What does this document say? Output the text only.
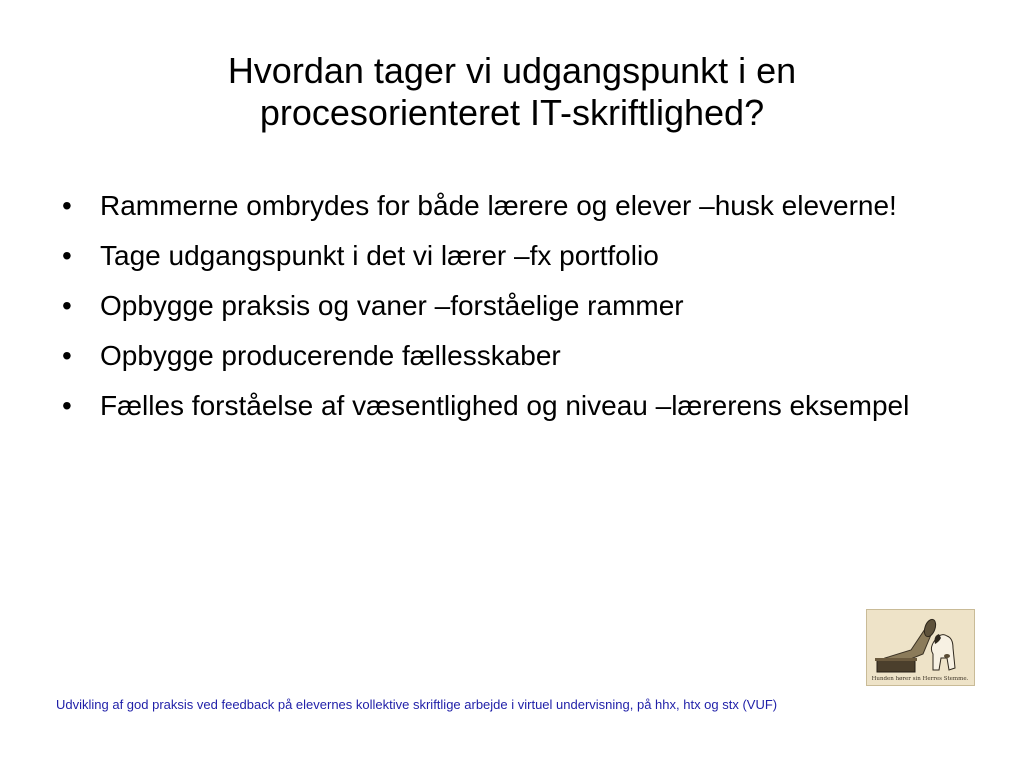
Hvordan tager vi udgangspunkt i en
procesorienteret IT-skriftlighed?
•	Rammerne ombrydes for både lærere og elever –husk eleverne!
•	Tage udgangspunkt i det vi lærer –fx portfolio
•	Opbygge praksis og vaner –forståelige rammer
•	Opbygge producerende fællesskaber
•	Fælles forståelse af væsentlighed og niveau –lærerens eksempel
Hunden hører sin Herres Stemme.
Udvikling af god praksis ved feedback på elevernes kollektive skriftlige arbejde i virtuel undervisning, på hhx, htx og stx (VUF)
